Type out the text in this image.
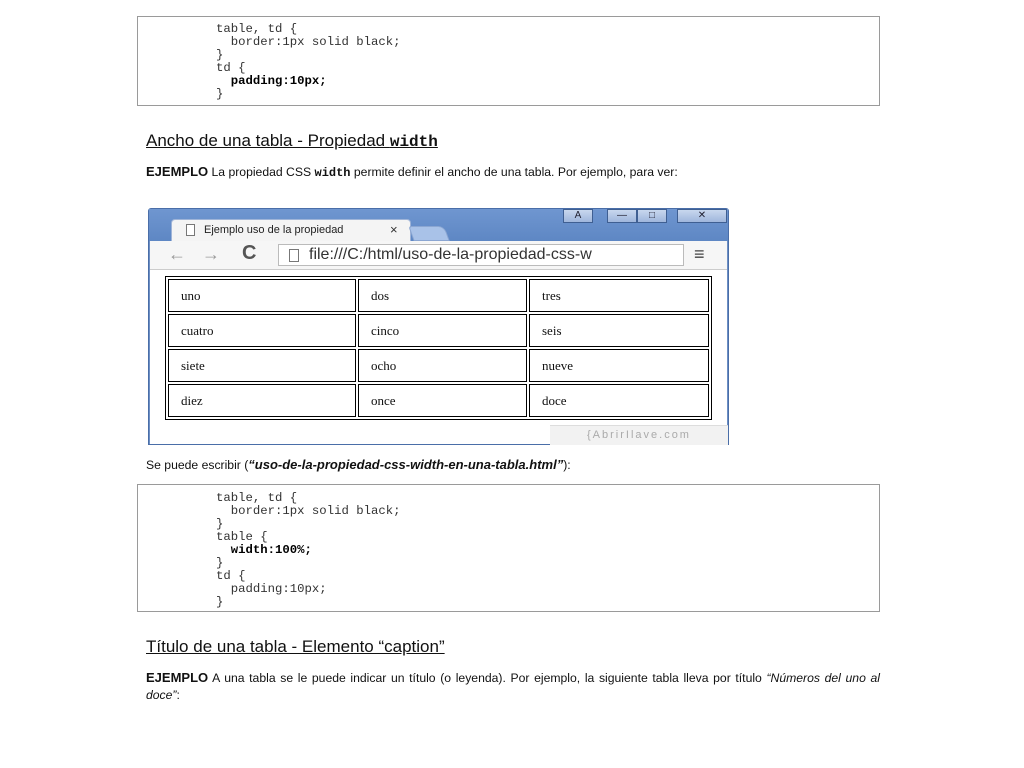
table, td {
border:1px solid black;
}
td {
padding:10px;
}
Ancho de una tabla - Propiedad width
EJEMPLO La propiedad CSS width permite definir el ancho de una tabla. Por ejemplo, para ver:
Ejemplo uso de la propiedad	×
A	—	□	✕
← → C	file:///C:/html/uso-de-la-propiedad-css-w	≡
uno	dos	tres
cuatro	cinco	seis
siete	ocho	nueve
diez	once	doce
{AbrirIlave.com
Se puede escribir (“uso-de-la-propiedad-css-width-en-una-tabla.html”):
table, td {
border:1px solid black;
}
table {
width:100%;
}
td {
padding:10px;
}
Título de una tabla - Elemento “caption”
EJEMPLO A una tabla se le puede indicar un título (o leyenda). Por ejemplo, la siguiente tabla lleva por título “Números del uno al doce”:
